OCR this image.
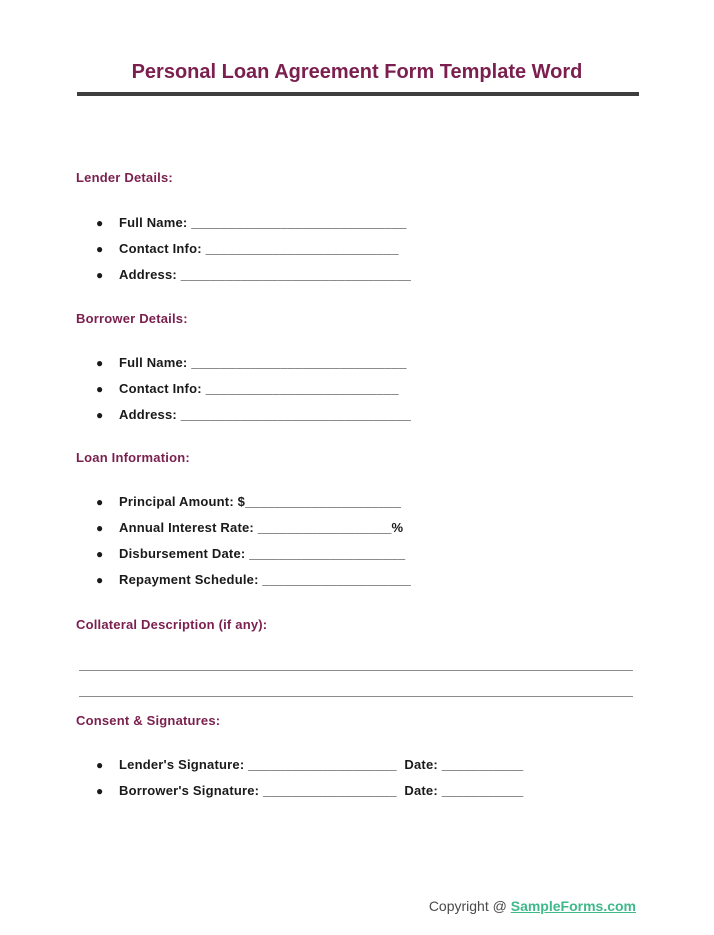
Personal Loan Agreement Form Template Word
Lender Details:
● Full Name: _____________________________
● Contact Info: __________________________
● Address: _______________________________
Borrower Details:
● Full Name: _____________________________
● Contact Info: __________________________
● Address: _______________________________
Loan Information:
● Principal Amount: $_____________________
● Annual Interest Rate: __________________%
● Disbursement Date: _____________________
● Repayment Schedule: ____________________
Collateral Description (if any):
Consent & Signatures:
● Lender's Signature: ____________________  Date: ___________
● Borrower's Signature: __________________  Date: ___________
Copyright @ SampleForms.com
